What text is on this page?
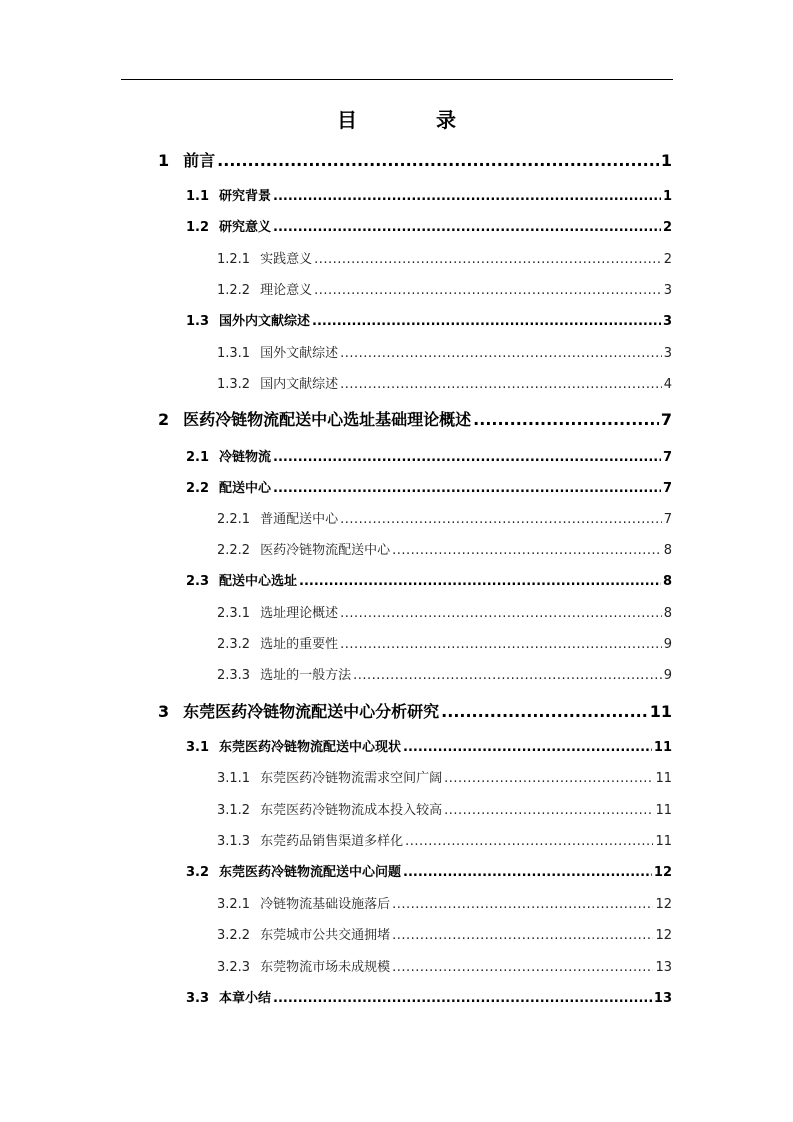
目 录
1 前言 .....	1
1.1 研究背景 .....	1
1.2 研究意义 .....	2
1.2.1 实践意义 .....	2
1.2.2 理论意义 .....	3
1.3 国外内文献综述 .....	3
1.3.1 国外文献综述 .....	3
1.3.2 国内文献综述 .....	4
2 医药冷链物流配送中心选址基础理论概述 .....	7
2.1 冷链物流 .....	7
2.2 配送中心 .....	7
2.2.1 普通配送中心 .....	7
2.2.2 医药冷链物流配送中心 .....	8
2.3 配送中心选址 .....	8
2.3.1 选址理论概述 .....	8
2.3.2 选址的重要性 .....	9
2.3.3 选址的一般方法 .....	9
3 东莞医药冷链物流配送中心分析研究 .....	11
3.1 东莞医药冷链物流配送中心现状 .....	11
3.1.1 东莞医药冷链物流需求空间广阔 .....	11
3.1.2 东莞医药冷链物流成本投入较高 .....	11
3.1.3 东莞药品销售渠道多样化 .....	11
3.2 东莞医药冷链物流配送中心问题 .....	12
3.2.1 冷链物流基础设施落后 .....	12
3.2.2 东莞城市公共交通拥堵 .....	12
3.2.3 东莞物流市场未成规模 .....	13
3.3 本章小结 .....	13
